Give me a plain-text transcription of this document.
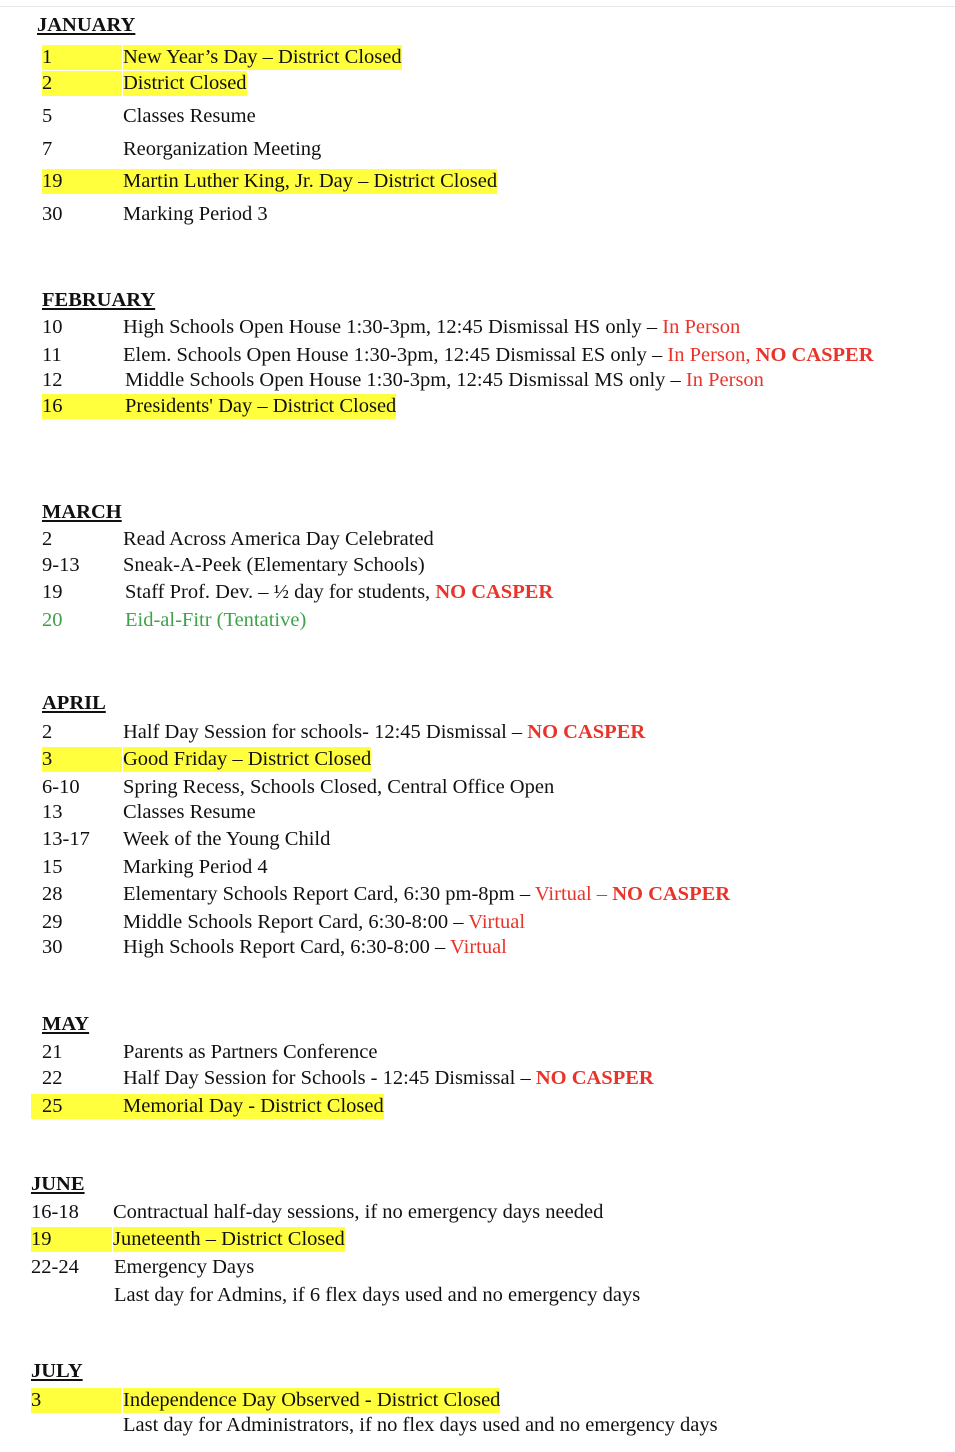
JANUARY
1	New Year’s Day – District Closed
2	District Closed
5	Classes Resume
7	Reorganization Meeting
19	Martin Luther King, Jr. Day – District Closed
30	Marking Period 3
FEBRUARY
10	High Schools Open House 1:30-3pm, 12:45 Dismissal HS only – In Person
11	Elem. Schools Open House 1:30-3pm, 12:45 Dismissal ES only – In Person, NO CASPER
12	Middle Schools Open House 1:30-3pm, 12:45 Dismissal MS only – In Person
16	Presidents' Day – District Closed
MARCH
2	Read Across America Day Celebrated
9-13 Sneak-A-Peek (Elementary Schools)
19	Staff Prof. Dev. – ½ day for students, NO CASPER
20	Eid-al-Fitr (Tentative)
APRIL
2	Half Day Session for schools- 12:45 Dismissal – NO CASPER
3	Good Friday – District Closed
6-10 Spring Recess, Schools Closed, Central Office Open
13	Classes Resume
13-17 Week of the Young Child
15	Marking Period 4
28	Elementary Schools Report Card, 6:30 pm-8pm – Virtual – NO CASPER
29	Middle Schools Report Card, 6:30-8:00 – Virtual
30	High Schools Report Card, 6:30-8:00 – Virtual
MAY
21	Parents as Partners Conference
22	Half Day Session for Schools - 12:45 Dismissal – NO CASPER
25	Memorial Day - District Closed
JUNE
16-18 Contractual half-day sessions, if no emergency days needed
19	Juneteenth – District Closed
22-24 Emergency Days
Last day for Admins, if 6 flex days used and no emergency days
JULY
3	Independence Day Observed - District Closed
Last day for Administrators, if no flex days used and no emergency days
